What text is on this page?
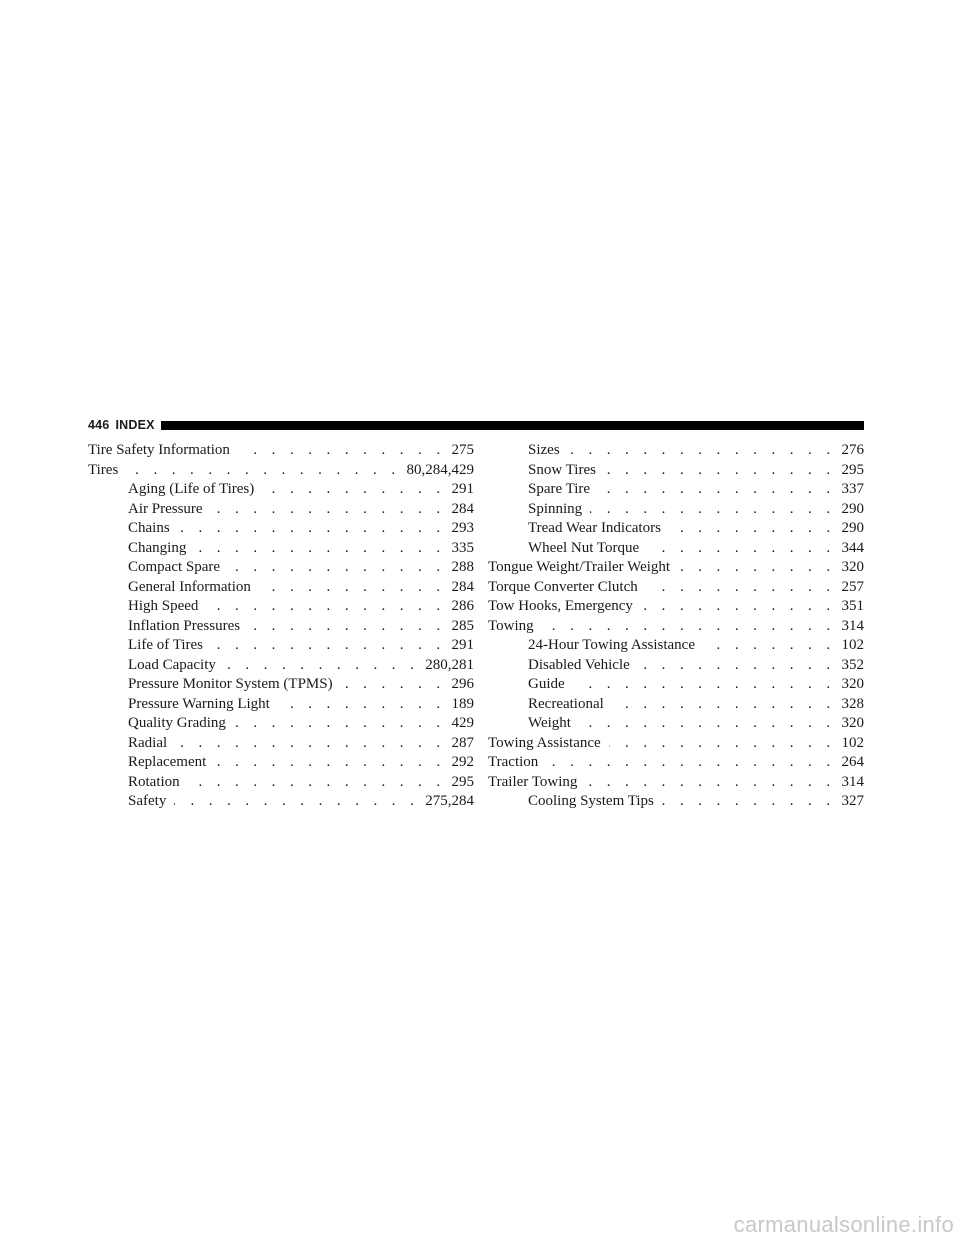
446 INDEX
Tire Safety Information . . .	275
Tires . . .	80,284,429
Aging (Life of Tires) . . .	291
Air Pressure . . .	284
Chains . . .	293
Changing . . .	335
Compact Spare . . .	288
General Information . . .	284
High Speed . . .	286
Inflation Pressures . . .	285
Life of Tires . . .	291
Load Capacity . . .	280,281
Pressure Monitor System (TPMS) . . .	296
Pressure Warning Light . . .	189
Quality Grading . . .	429
Radial . . .	287
Replacement . . .	292
Rotation . . .	295
Safety . . .	275,284
Sizes . . .	276
Snow Tires . . .	295
Spare Tire . . .	337
Spinning . . .	290
Tread Wear Indicators . . .	290
Wheel Nut Torque . . .	344
Tongue Weight/Trailer Weight . . .	320
Torque Converter Clutch . . .	257
Tow Hooks, Emergency . . .	351
Towing . . .	314
24-Hour Towing Assistance . . .	102
Disabled Vehicle . . .	352
Guide . . .	320
Recreational . . .	328
Weight . . .	320
Towing Assistance . . .	102
Traction . . .	264
Trailer Towing . . .	314
Cooling System Tips . . .	327
carmanualsonline.info
